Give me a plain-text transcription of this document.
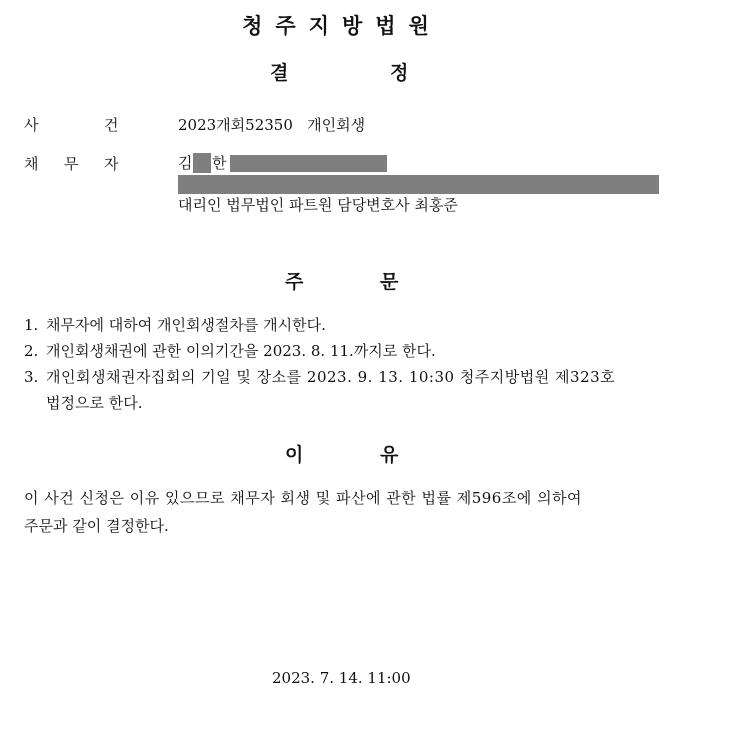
청주지방법원
결	정
사	건	2023개회52350   개인회생
채 무 자	김 한
대리인 법무법인 파트원 담당변호사 최홍준
주	문
1. 채무자에 대하여 개인회생절차를 개시한다.
2. 개인회생채권에 관한 이의기간을 2023. 8. 11.까지로 한다.
3. 개인회생채권자집회의 기일 및 장소를 2023. 9. 13. 10:30 청주지방법원 제323호
법정으로 한다.
이	유
이 사건 신청은 이유 있으므로 채무자 회생 및 파산에 관한 법률 제596조에 의하여
주문과 같이 결정한다.
2023. 7. 14. 11:00
